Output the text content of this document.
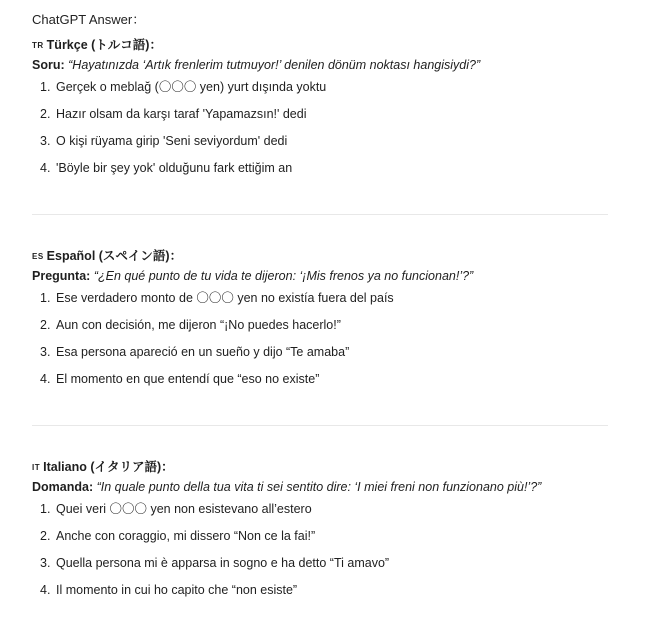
ChatGPT Answer：
TR Türkçe (トルコ語)：
Soru: “Hayatınızda ‘Artık frenlerim tutmuyor!’ denilen dönüm noktası hangisiydi?”
1. Gerçek o meblağ (〇〇〇 yen) yurt dışında yoktu
2. Hazır olsam da karşı taraf 'Yapamazsın!' dedi
3. O kişi rüyama girip 'Seni seviyordum' dedi
4. 'Böyle bir şey yok' olduğunu fark ettiğim an
ES Español (スペイン語)：
Pregunta: “¿En qué punto de tu vida te dijeron: ‘¡Mis frenos ya no funcionan!’?”
1. Ese verdadero monto de 〇〇〇 yen no existía fuera del país
2. Aun con decisión, me dijeron “¡No puedes hacerlo!”
3. Esa persona apareció en un sueño y dijo “Te amaba”
4. El momento en que entendí que “eso no existe”
IT Italiano (イタリア語)：
Domanda: “In quale punto della tua vita ti sei sentito dire: ‘I miei freni non funzionano più!’?”
1. Quei veri 〇〇〇 yen non esistevano all’estero
2. Anche con coraggio, mi dissero “Non ce la fai!”
3. Quella persona mi è apparsa in sogno e ha detto “Ti amavo”
4. Il momento in cui ho capito che “non esiste”
